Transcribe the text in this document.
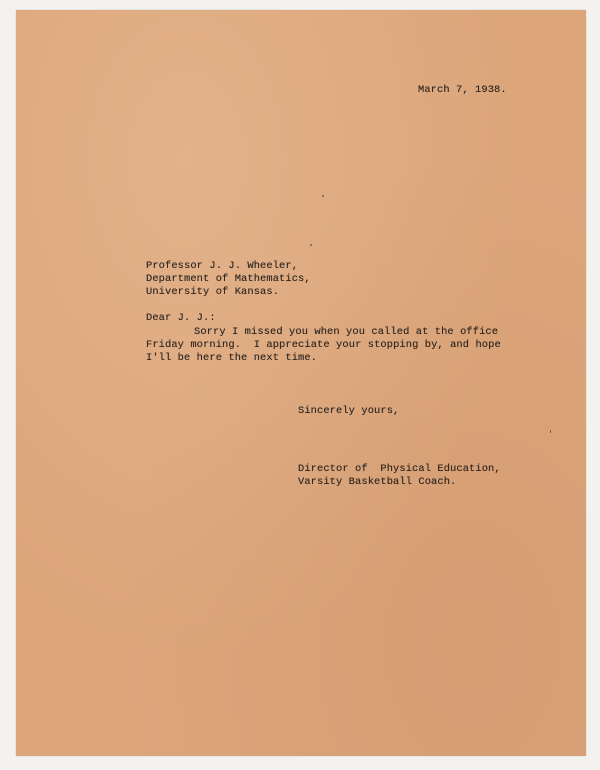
March 7, 1938.
Professor J. J. Wheeler,
Department of Mathematics,
University of Kansas.
Dear J. J.:
Sorry I missed you when you called at the office
Friday morning.  I appreciate your stopping by, and hope
I'll be here the next time.
Sincerely yours,
Director of  Physical Education,
Varsity Basketball Coach.
